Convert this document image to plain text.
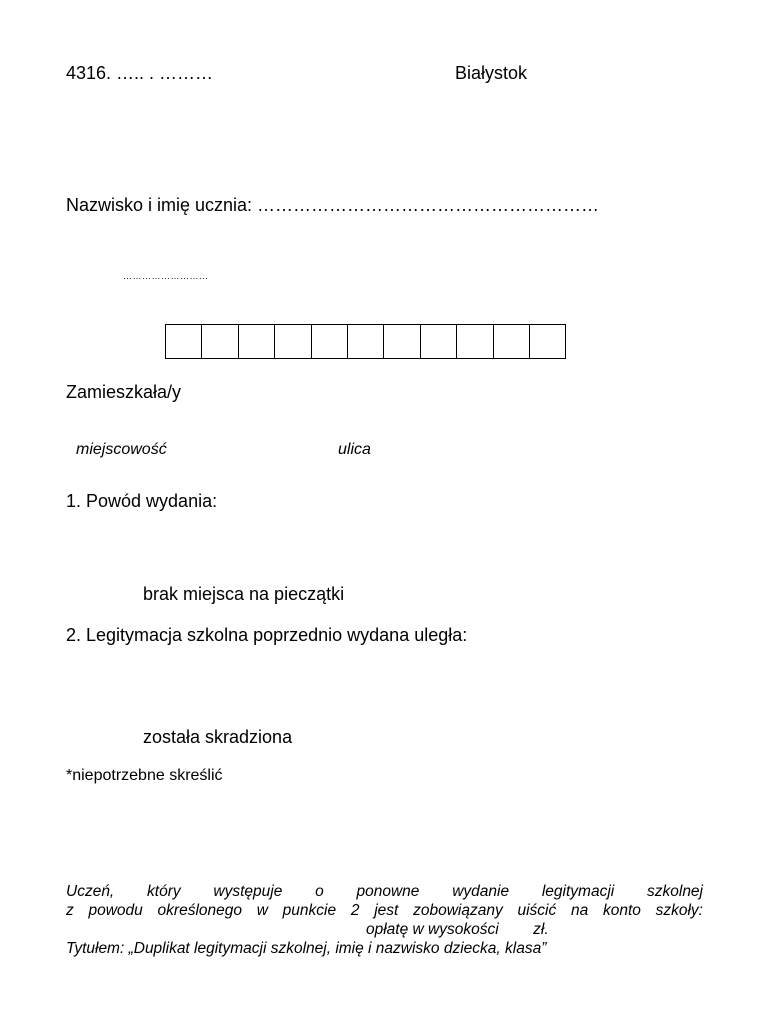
4316. ….. . ………	Białystok
Nazwisko i imię ucznia: …………………………………………………
………………………
Zamieszkała/y
miejscowość	ulica
1. Powód wydania:
brak miejsca na pieczątki
2. Legitymacja szkolna poprzednio wydana uległa:
została skradziona
*niepotrzebne skreślić
Uczeń, który występuje o ponowne wydanie legitymacji szkolnej
z powodu określonego w punkcie 2 jest zobowiązany uiścić na konto szkoły:
opłatę w wysokości zł.
Tytułem: „Duplikat legitymacji szkolnej, imię i nazwisko dziecka, klasa”
